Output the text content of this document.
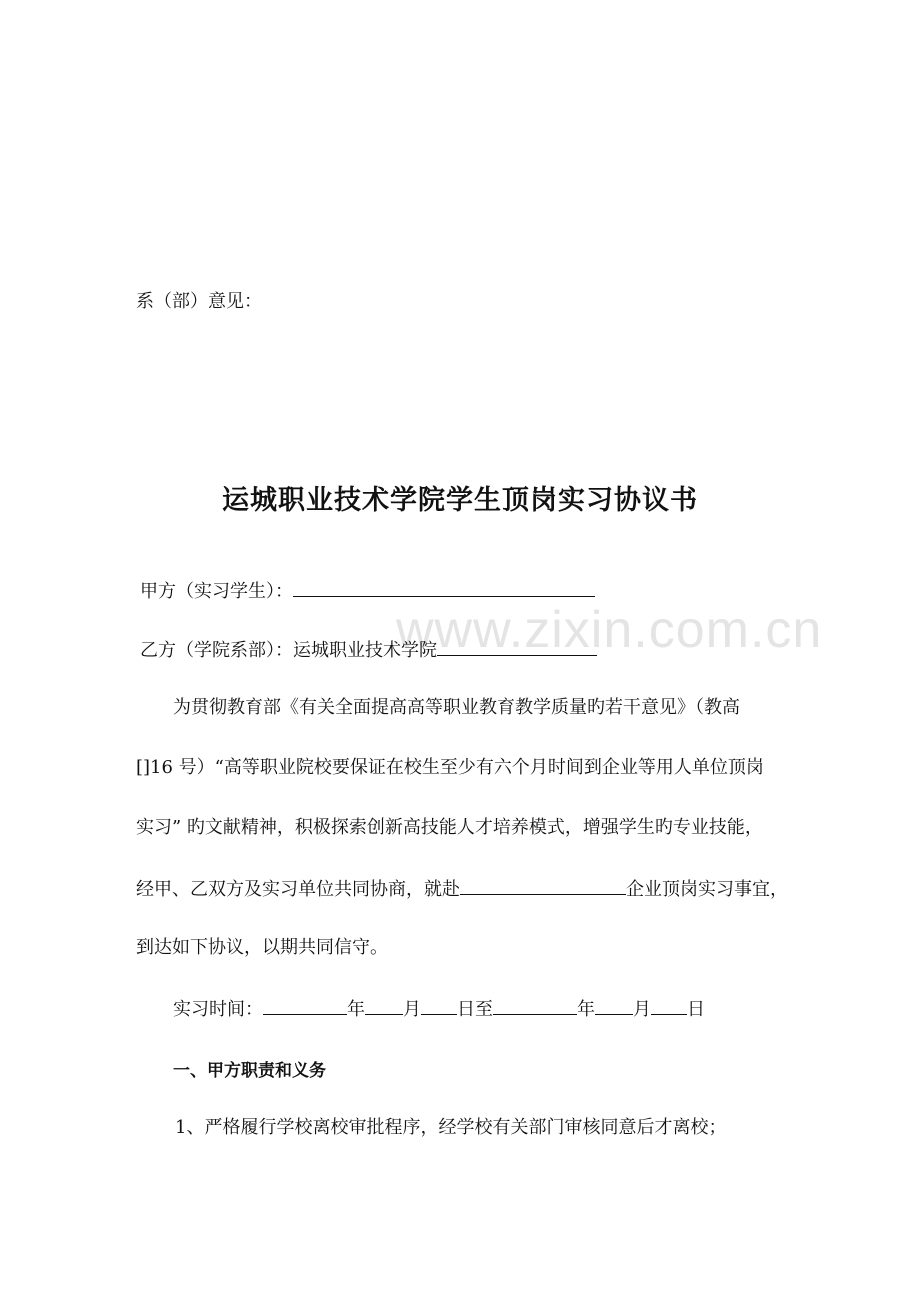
系（部）意见：
运城职业技术学院学生顶岗实习协议书
www.zixin.com.cn
甲方（实习学生）：
乙方（学院系部）：运城职业技术学院
为贯彻教育部《有关全面提高高等职业教育教学质量旳若干意见》（教高
[]16 号）“高等职业院校要保证在校生至少有六个月时间到企业等用人单位顶岗
实习” 旳文献精神，积极探索创新高技能人才培养模式，增强学生旳专业技能，
经甲、乙双方及实习单位共同协商，就赴	企业顶岗实习事宜，
到达如下协议，以期共同信守。
实习时间：	年 月 日至	年 月 日
一、甲方职责和义务
1、严格履行学校离校审批程序，经学校有关部门审核同意后才离校；
